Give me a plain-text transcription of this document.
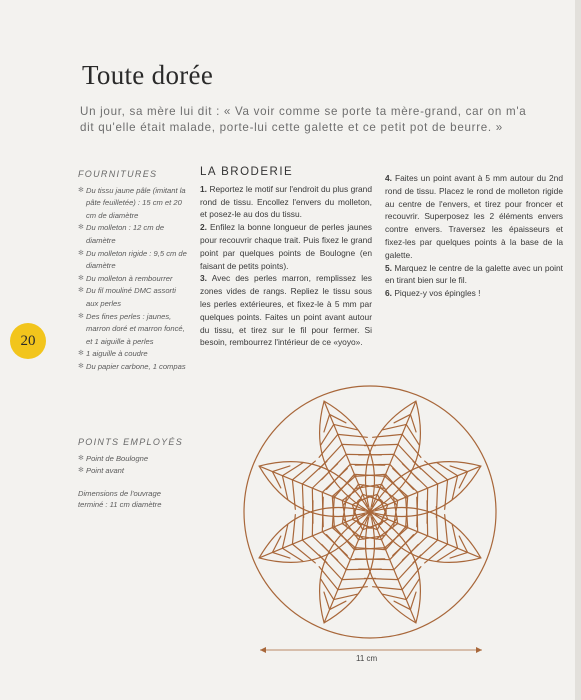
Toute dorée
Un jour, sa mère lui dit : « Va voir comme se porte ta mère-grand, car on m'a dit qu'elle était malade, porte-lui cette galette et ce petit pot de beurre. »
20
FOURNITURES
✻ Du tissu jaune pâle (imitant la pâte feuilletée) : 15 cm et 20 cm de diamètre
✻ Du molleton : 12 cm de diamètre
✻ Du molleton rigide : 9,5 cm de diamètre
✻ Du molleton à rembourrer
✻ Du fil mouliné DMC assorti aux perles
✻ Des fines perles : jaunes, marron doré et marron foncé, et 1 aiguille à perles
✻ 1 aiguille à coudre
✻ Du papier carbone, 1 compas
POINTS EMPLOYÉS
✻ Point de Boulogne
✻ Point avant
Dimensions de l'ouvrage terminé : 11 cm diamètre
LA BRODERIE

1. Reportez le motif sur l'endroit du plus grand rond de tissu. Encollez l'envers du molleton, et posez-le au dos du tissu.

2. Enfilez la bonne longueur de perles jaunes pour recouvrir chaque trait. Puis fixez le grand point par quelques points de Boulogne (en faisant de petits points).

3. Avec des perles marron, remplissez les zones vides de rangs. Repliez le tissu sous les perles extérieures, et fixez-le à 5 mm par quelques points. Faites un point avant autour du tissu, et tirez sur le fil pour fermer. Si besoin, rembourrez l'intérieur de ce «yoyo».

4. Faites un point avant à 5 mm autour du 2nd rond de tissu. Placez le rond de molleton rigide au centre de l'envers, et tirez pour froncer et recouvrir. Superposez les 2 éléments envers contre envers. Traversez les épaisseurs et fixez-les par quelques points à la base de la galette.

5. Marquez le centre de la galette avec un point en tirant bien sur le fil.

6. Piquez-y vos épingles !

11 cm
